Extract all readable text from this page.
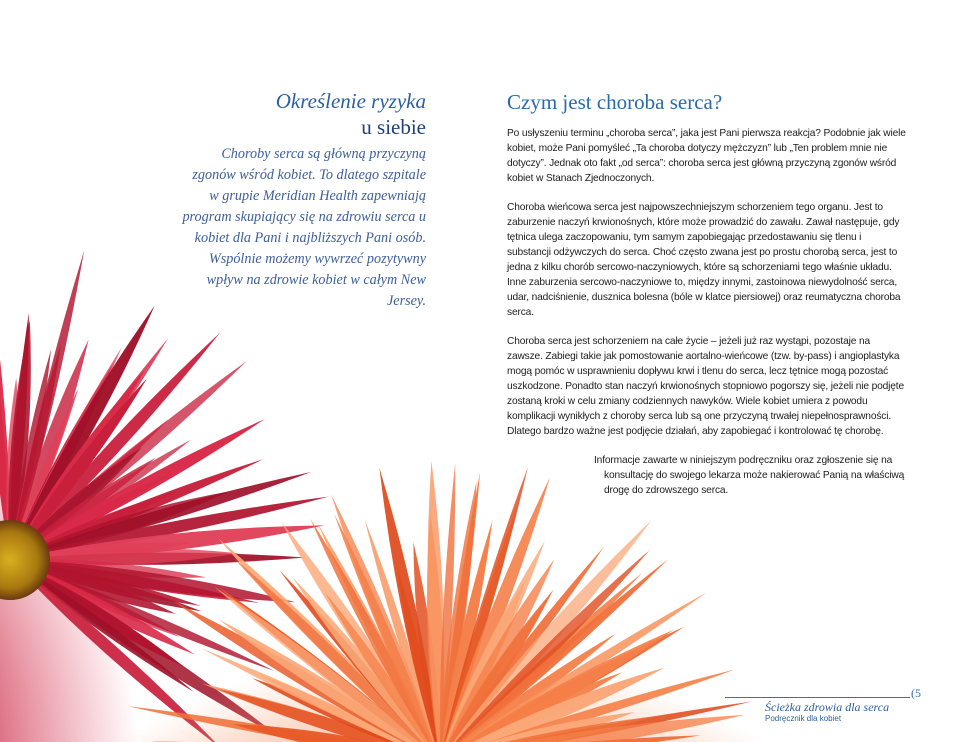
Określenie ryzyka

u siebie

Choroby serca są główną przyczyną zgonów wśród kobiet. To dlatego szpitale w grupie Meridian Health zapewniają program skupiający się na zdrowiu serca u kobiet dla Pani i najbliższych Pani osób. Wspólnie możemy wywrzeć pozytywny wpływ na zdrowie kobiet w całym New Jersey.

Czym jest choroba serca?

Po usłyszeniu terminu „choroba serca”, jaka jest Pani pierwsza reakcja? Podobnie jak wiele kobiet, może Pani pomyśleć „Ta choroba dotyczy mężczyzn” lub „Ten problem mnie nie dotyczy”. Jednak oto fakt „od serca”: choroba serca jest główną przyczyną zgonów wśród kobiet w Stanach Zjednoczonych.

Choroba wieńcowa serca jest najpowszechniejszym schorzeniem tego organu. Jest to zaburzenie naczyń krwionośnych, które może prowadzić do zawału. Zawał następuje, gdy tętnica ulega zaczopowaniu, tym samym zapobiegając przedostawaniu się tlenu i substancji odżywczych do serca. Choć często zwana jest po prostu chorobą serca, jest to jedna z kilku chorób sercowo-naczyniowych, które są schorzeniami tego właśnie układu. Inne zaburzenia sercowo-naczyniowe to, między innymi, zastoinowa niewydolność serca, udar, nadciśnienie, dusznica bolesna (bóle w klatce piersiowej) oraz reumatyczna choroba serca.

Choroba serca jest schorzeniem na całe życie – jeżeli już raz wystąpi, pozostaje na zawsze. Zabiegi takie jak pomostowanie aortalno-wieńcowe (tzw. by-pass) i angioplastyka mogą pomóc w usprawnieniu dopływu krwi i tlenu do serca, lecz tętnice mogą pozostać uszkodzone. Ponadto stan naczyń krwionośnych stopniowo pogorszy się, jeżeli nie podjęte zostaną kroki w celu zmiany codziennych nawyków. Wiele kobiet umiera z powodu komplikacji wynikłych z choroby serca lub są one przyczyną trwałej niepełnosprawności. Dlatego bardzo ważne jest podjęcie działań, aby zapobiegać i kontrolować tę chorobę.

Informacje zawarte w niniejszym podręczniku oraz zgłoszenie się na konsultację do swojego lekarza może nakierować Panią na właściwą drogę do zdrowszego serca.

(5
Ścieżka zdrowia dla serca
Podręcznik dla kobiet
